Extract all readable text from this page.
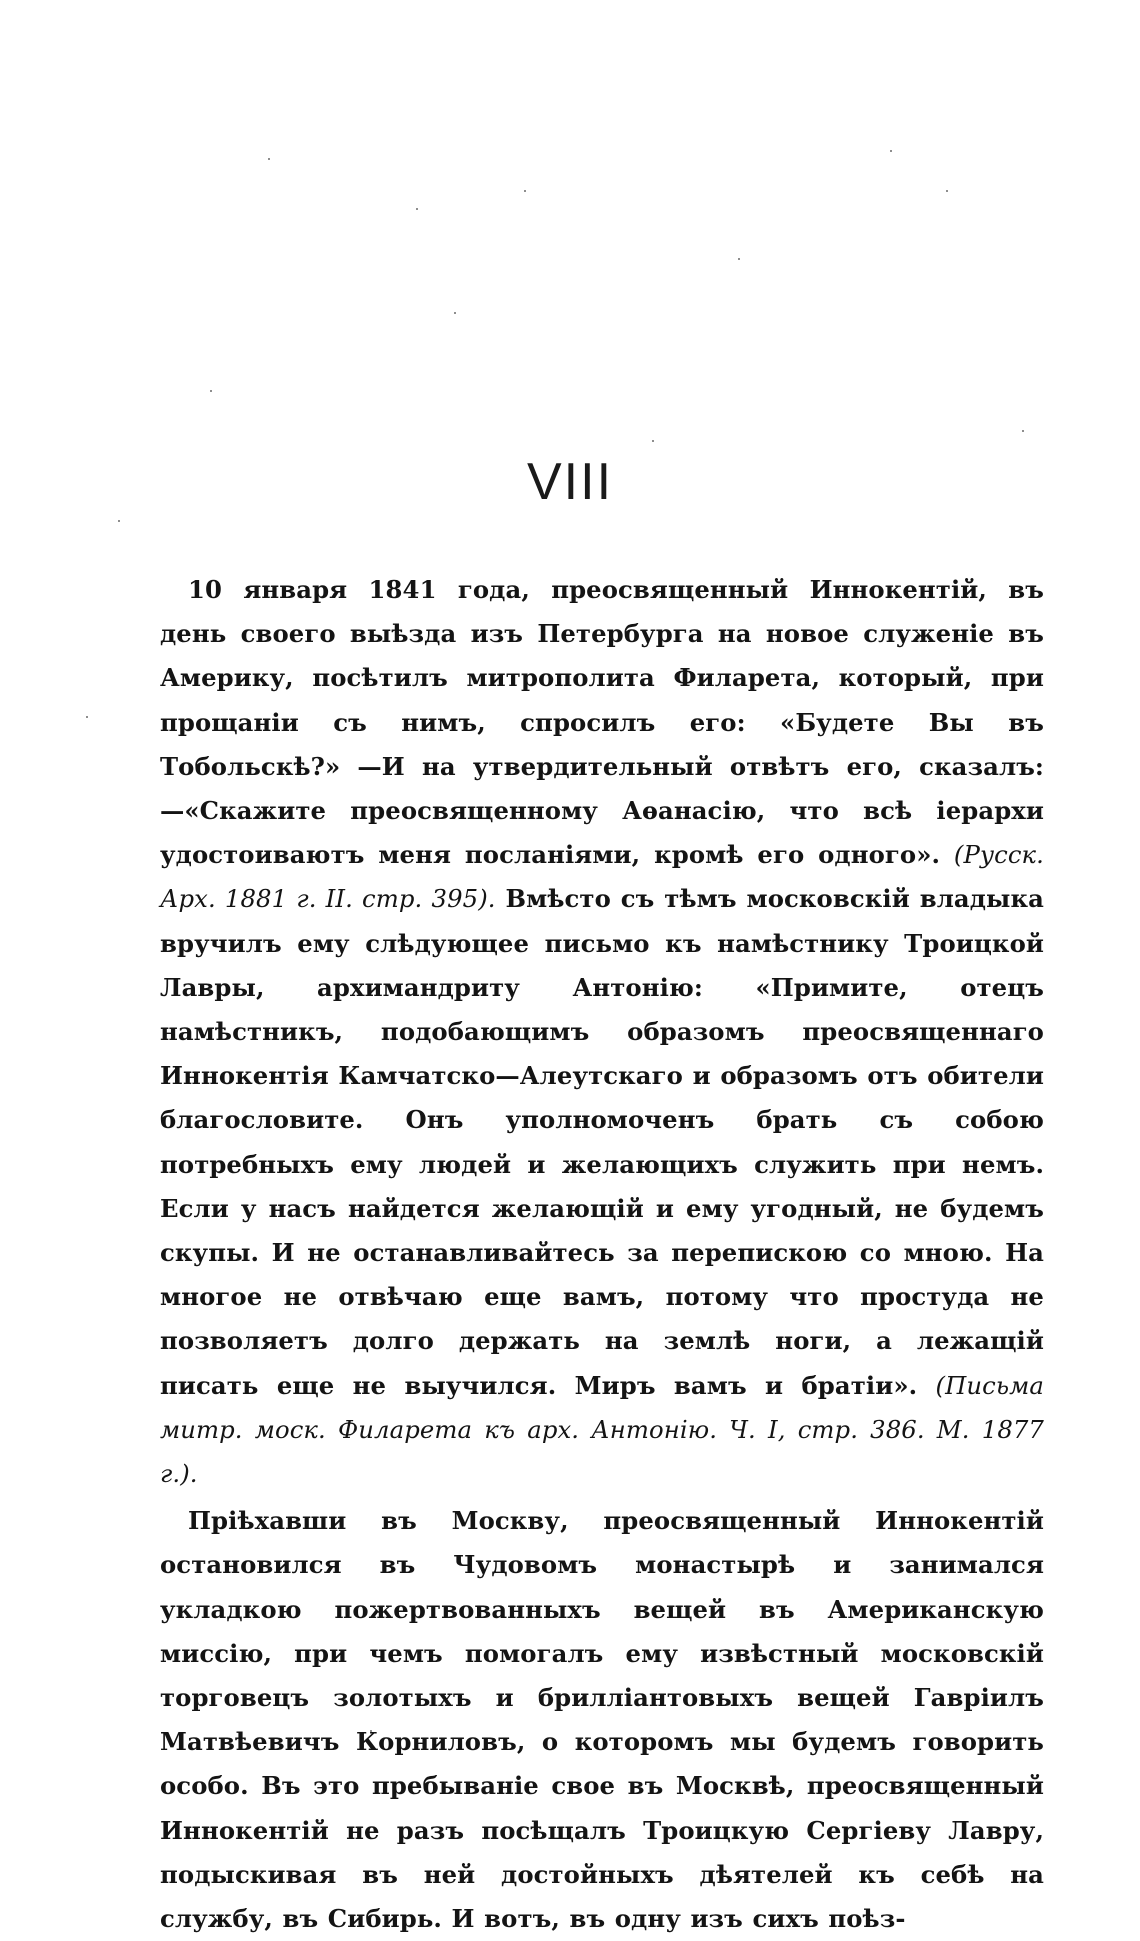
VIII

10 января 1841 года, преосвященный Иннокентій, въ день своего выѣзда изъ Петербурга на новое служеніе въ Америку, посѣтилъ митрополита Филарета, который, при прощаніи съ нимъ, спросилъ его: «Будете Вы въ Тобольскѣ?» —И на утвердительный отвѣтъ его, сказалъ:—«Скажите преосвященному Аѳанасію, что всѣ іерархи удостоиваютъ меня посланіями, кромѣ его одного». (Русск. Арх. 1881 г. II. стр. 395). Вмѣсто съ тѣмъ московскій владыка вручилъ ему слѣдующее письмо къ намѣстнику Троицкой Лавры, архимандриту Антонію: «Примите, отецъ намѣстникъ, подобающимъ образомъ преосвященнаго Иннокентія Камчатско—Алеутскаго и образомъ отъ обители благословите. Онъ уполномоченъ брать съ собою потребныхъ ему людей и желающихъ служить при немъ. Если у насъ найдется желающій и ему угодный, не будемъ скупы. И не останавливайтесь за перепискою со мною. На многое не отвѣчаю еще вамъ, потому что простуда не позволяетъ долго держать на землѣ ноги, а лежащій писать еще не выучился. Миръ вамъ и братіи». (Письма митр. моск. Филарета къ арх. Антонію. Ч. I, стр. 386. М. 1877 г.).

Пріѣхавши въ Москву, преосвященный Иннокентій остановился въ Чудовомъ монастырѣ и занимался укладкою пожертвованныхъ вещей въ Американскую миссію, при чемъ помогалъ ему извѣстный московскій торговецъ золотыхъ и бриллiантовыхъ вещей Гавріилъ Матвѣевичъ Корниловъ, о которомъ мы будемъ говорить особо. Въ это пребываніе свое въ Москвѣ, преосвященный Иннокентій не разъ посѣщалъ Троицкую Сергіеву Лавру, подыскивая въ ней достойныхъ дѣятелей къ себѣ на службу, въ Сибирь. И вотъ, въ одну изъ сихъ поѣз-
